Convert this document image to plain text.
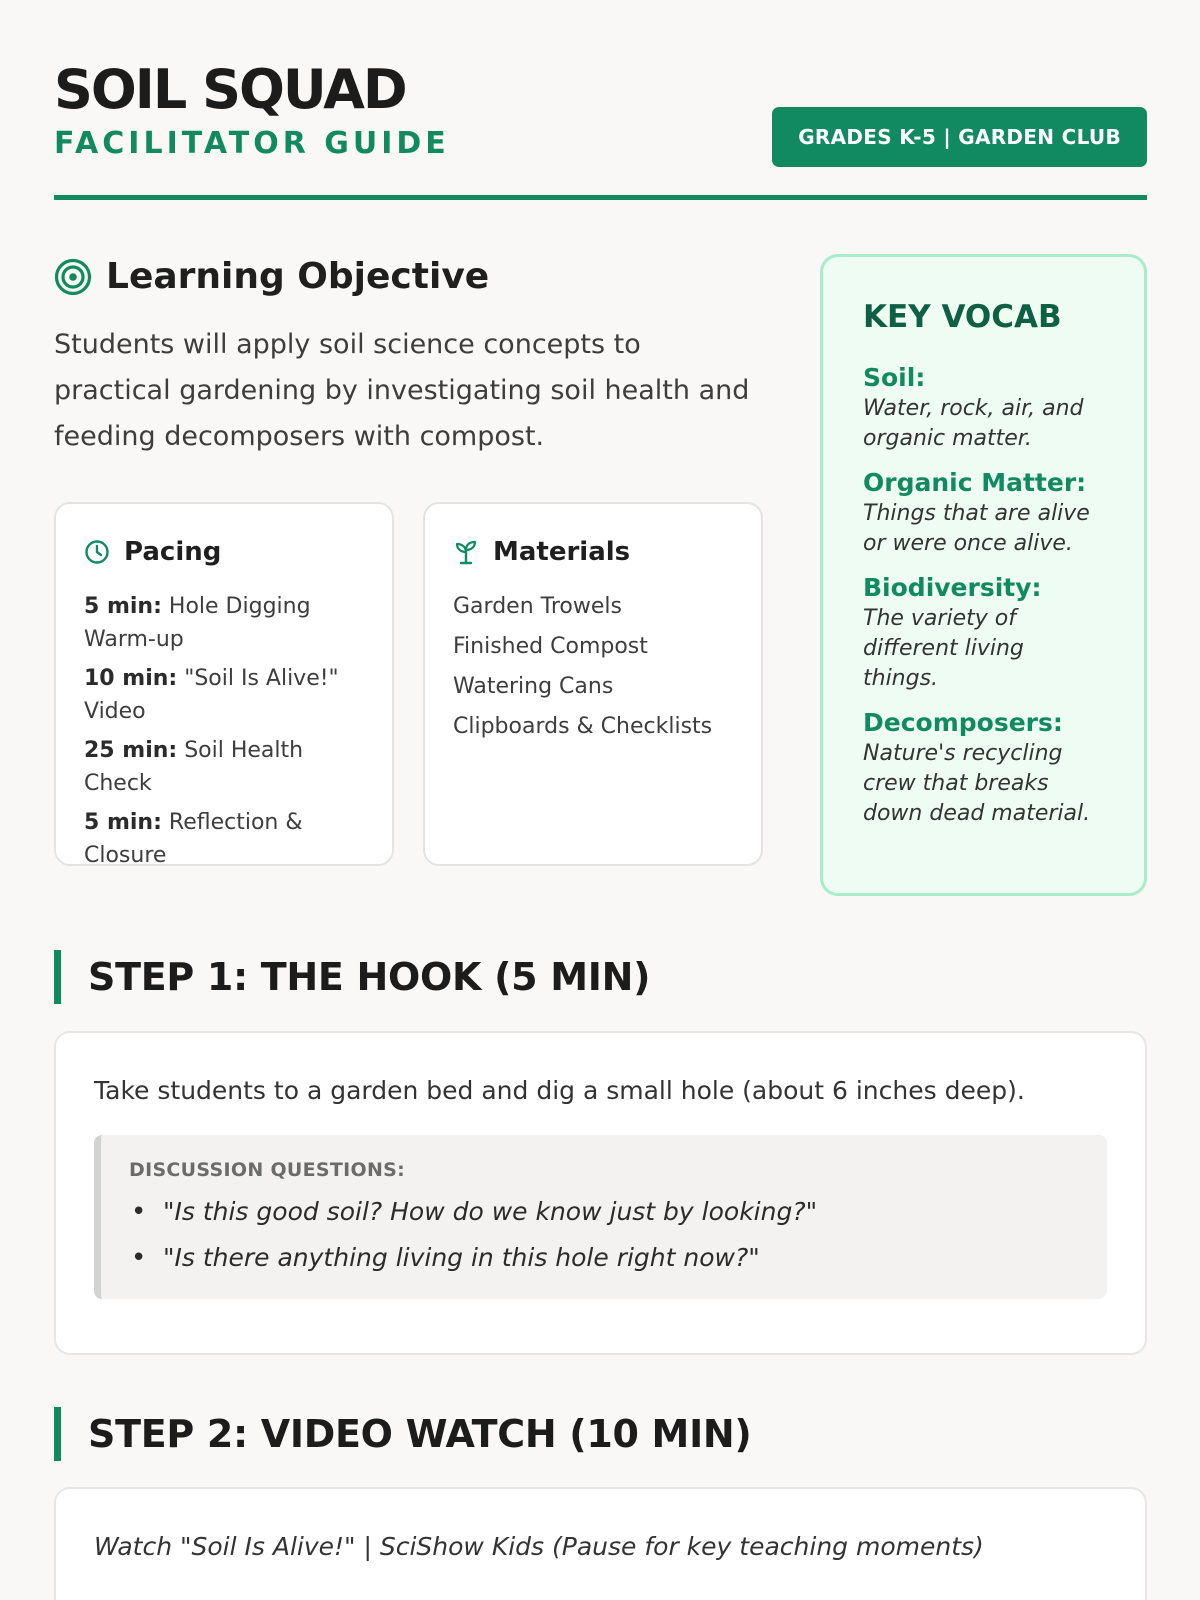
SOIL SQUAD
FACILITATOR GUIDE	GRADES K-5 | GARDEN CLUB
Learning Objective
Students will apply soil science concepts to practical gardening by investigating soil health and feeding decomposers with compost.
Pacing
5 min: Hole Digging Warm-up
10 min: "Soil Is Alive!" Video
25 min: Soil Health Check
5 min: Reflection & Closure
Materials
Garden Trowels
Finished Compost
Watering Cans
Clipboards & Checklists
KEY VOCAB
Soil:
Water, rock, air, and organic matter.
Organic Matter:
Things that are alive or were once alive.
Biodiversity:
The variety of different living things.
Decomposers:
Nature's recycling crew that breaks down dead material.
STEP 1: THE HOOK (5 MIN)
Take students to a garden bed and dig a small hole (about 6 inches deep).
DISCUSSION QUESTIONS:
• "Is this good soil? How do we know just by looking?"
• "Is there anything living in this hole right now?"
STEP 2: VIDEO WATCH (10 MIN)
Watch "Soil Is Alive!" | SciShow Kids (Pause for key teaching moments)
